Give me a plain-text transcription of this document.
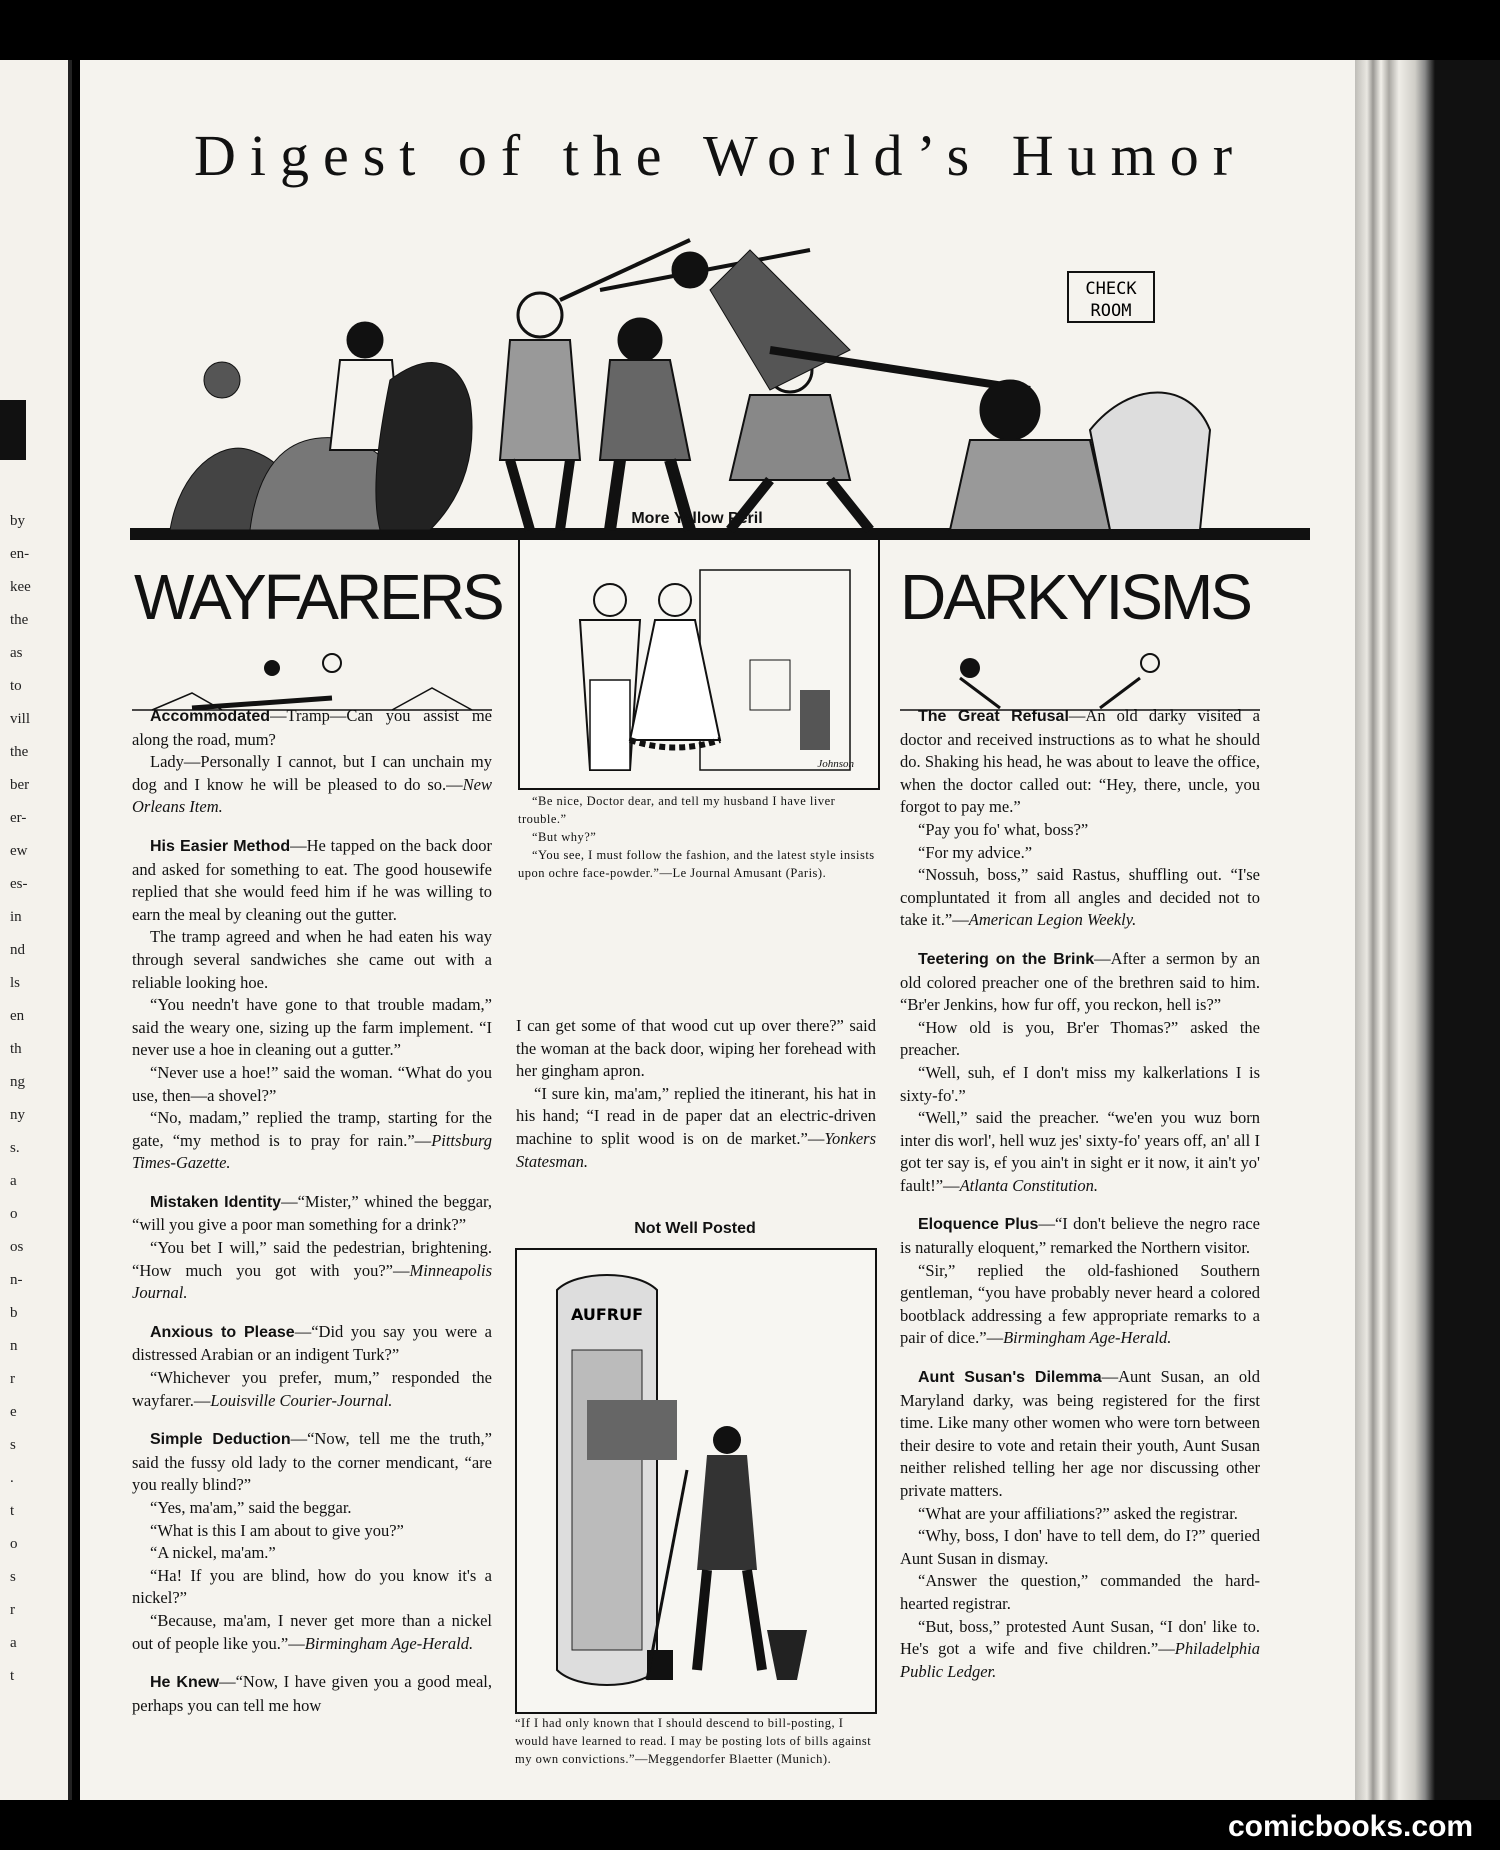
by
en-
kee
the
as
to
vill
the
ber
er-
ew
es-
in
nd
ls
en
th
ng
ny
s.
a
o
os
n-
b
n
r
e
s
.
t
o
s
r
a
t
Digest of the World’s Humor
CHECK
ROOM
WAYFARERS

Accommodated—Tramp—Can you assist me along the road, mum?

Lady—Personally I cannot, but I can unchain my dog and I know he will be pleased to do so.—New Orleans Item.

His Easier Method—He tapped on the back door and asked for something to eat. The good housewife replied that she would feed him if he was willing to earn the meal by cleaning out the gutter.

The tramp agreed and when he had eaten his way through several sandwiches she came out with a reliable looking hoe.

“You needn't have gone to that trouble madam,” said the weary one, sizing up the farm implement. “I never use a hoe in cleaning out a gutter.”

“Never use a hoe!” said the woman. “What do you use, then—a shovel?”

“No, madam,” replied the tramp, starting for the gate, “my method is to pray for rain.”—Pittsburg Times-Gazette.

Mistaken Identity—“Mister,” whined the beggar, “will you give a poor man something for a drink?”

“You bet I will,” said the pedestrian, brightening. “How much you got with you?”—Minneapolis Journal.

Anxious to Please—“Did you say you were a distressed Arabian or an indigent Turk?”

“Whichever you prefer, mum,” responded the wayfarer.—Louisville Courier-Journal.

Simple Deduction—“Now, tell me the truth,” said the fussy old lady to the corner mendicant, “are you really blind?”

“Yes, ma'am,” said the beggar.

“What is this I am about to give you?”

“A nickel, ma'am.”

“Ha! If you are blind, how do you know it's a nickel?”

“Because, ma'am, I never get more than a nickel out of people like you.”—Birmingham Age-Herald.

He Knew—“Now, I have given you a good meal, perhaps you can tell me how

More Yellow Peril
Johnson
“Be nice, Doctor dear, and tell my husband I have liver trouble.”
“But why?”
“You see, I must follow the fashion, and the latest style insists upon ochre face-powder.”—Le Journal Amusant (Paris).

I can get some of that wood cut up over there?” said the woman at the back door, wiping her forehead with her gingham apron.

“I sure kin, ma'am,” replied the itinerant, his hat in his hand; “I read in de paper dat an electric-driven machine to split wood is on de market.”—Yonkers Statesman.

Not Well Posted
AUFRUF
“If I had only known that I should descend to bill-posting, I would have learned to read. I may be posting lots of bills against my own convictions.”—Meggendorfer Blaetter (Munich).
DARKYISMS

The Great Refusal—An old darky visited a doctor and received instructions as to what he should do. Shaking his head, he was about to leave the office, when the doctor called out: “Hey, there, uncle, you forgot to pay me.”

“Pay you fo' what, boss?”

“For my advice.”

“Nossuh, boss,” said Rastus, shuffling out. “I'se compluntated it from all angles and decided not to take it.”—American Legion Weekly.

Teetering on the Brink—After a sermon by an old colored preacher one of the brethren said to him. “Br'er Jenkins, how fur off, you reckon, hell is?”

“How old is you, Br'er Thomas?” asked the preacher.

“Well, suh, ef I don't miss my kalkerlations I is sixty-fo'.”

“Well,” said the preacher. “we'en you wuz born inter dis worl', hell wuz jes' sixty-fo' years off, an' all I got ter say is, ef you ain't in sight er it now, it ain't yo' fault!”—Atlanta Constitution.

Eloquence Plus—“I don't believe the negro race is naturally eloquent,” remarked the Northern visitor.

“Sir,” replied the old-fashioned Southern gentleman, “you have probably never heard a colored bootblack addressing a few appropriate remarks to a pair of dice.”—Birmingham Age-Herald.

Aunt Susan's Dilemma—Aunt Susan, an old Maryland darky, was being registered for the first time. Like many other women who were torn between their desire to vote and retain their youth, Aunt Susan neither relished telling her age nor discussing other private matters.

“What are your affiliations?” asked the registrar.

“Why, boss, I don' have to tell dem, do I?” queried Aunt Susan in dismay.

“Answer the question,” commanded the hard-hearted registrar.

“But, boss,” protested Aunt Susan, “I don' like to. He's got a wife and five children.”—Philadelphia Public Ledger.

comicbooks.com
